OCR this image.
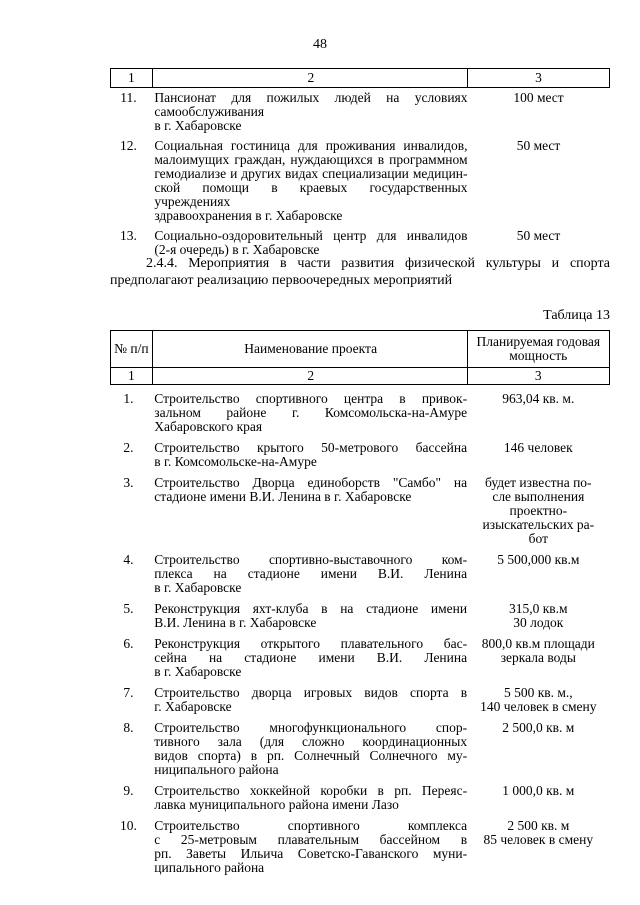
48
1	2	3
11.	Пансионат для пожилых людей на условиях самообслуживания
в г. Хабаровске	100 мест
12.	Социальная гостиница для проживания инвалидов,
малоимущих граждан, нуждающихся в программном
гемодиализе и других видах специализации медицин-
ской помощи в краевых государственных учреждениях
здравоохранения в г. Хабаровске	50 мест
13.	Социально-оздоровительный центр для инвалидов
(2-я очередь) в г. Хабаровске	50 мест
2.4.4. Мероприятия в части развития физической культуры и спорта предполагают реализацию первоочередных мероприятий
Таблица 13
№ п/п	Наименование проекта	Планируемая годовая мощность
1	2	3
1.	Строительство спортивного центра в привок-
зальном районе г. Комсомольска-на-Амуре
Хабаровского края	963,04 кв. м.

2.	Строительство крытого 50-метрового бассейна
в г. Комсомольске-на-Амуре	146 человек

3.	Строительство Дворца единоборств "Самбо" на
стадионе имени В.И. Ленина в г. Хабаровске	будет известна по-
сле выполнения
проектно-
изыскательских ра-
бот

4.	Строительство спортивно-выставочного ком-
плекса на стадионе имени В.И. Ленина
в г. Хабаровске	5 500,000 кв.м

5.	Реконструкция яхт-клуба в на стадионе имени
В.И. Ленина в г. Хабаровске	315,0 кв.м
30 лодок

6.	Реконструкция открытого плавательного бас-
сейна на стадионе имени В.И. Ленина
в г. Хабаровске	800,0 кв.м площади
зеркала воды

7.	Строительство дворца игровых видов спорта в
г. Хабаровске	5 500 кв. м.,
140 человек в смену

8.	Строительство многофункционального спор-
тивного зала (для сложно координационных
видов спорта) в рп. Солнечный Солнечного му-
ниципального района	2 500,0 кв. м

9.	Строительство хоккейной коробки в рп. Переяс-
лавка муниципального района имени Лазо	1 000,0 кв. м

10.	Строительство спортивного комплекса
с 25-метровым плавательным бассейном в
рп. Заветы Ильича Советско-Гаванского муни-
ципального района	2 500 кв. м
85 человек в смену
